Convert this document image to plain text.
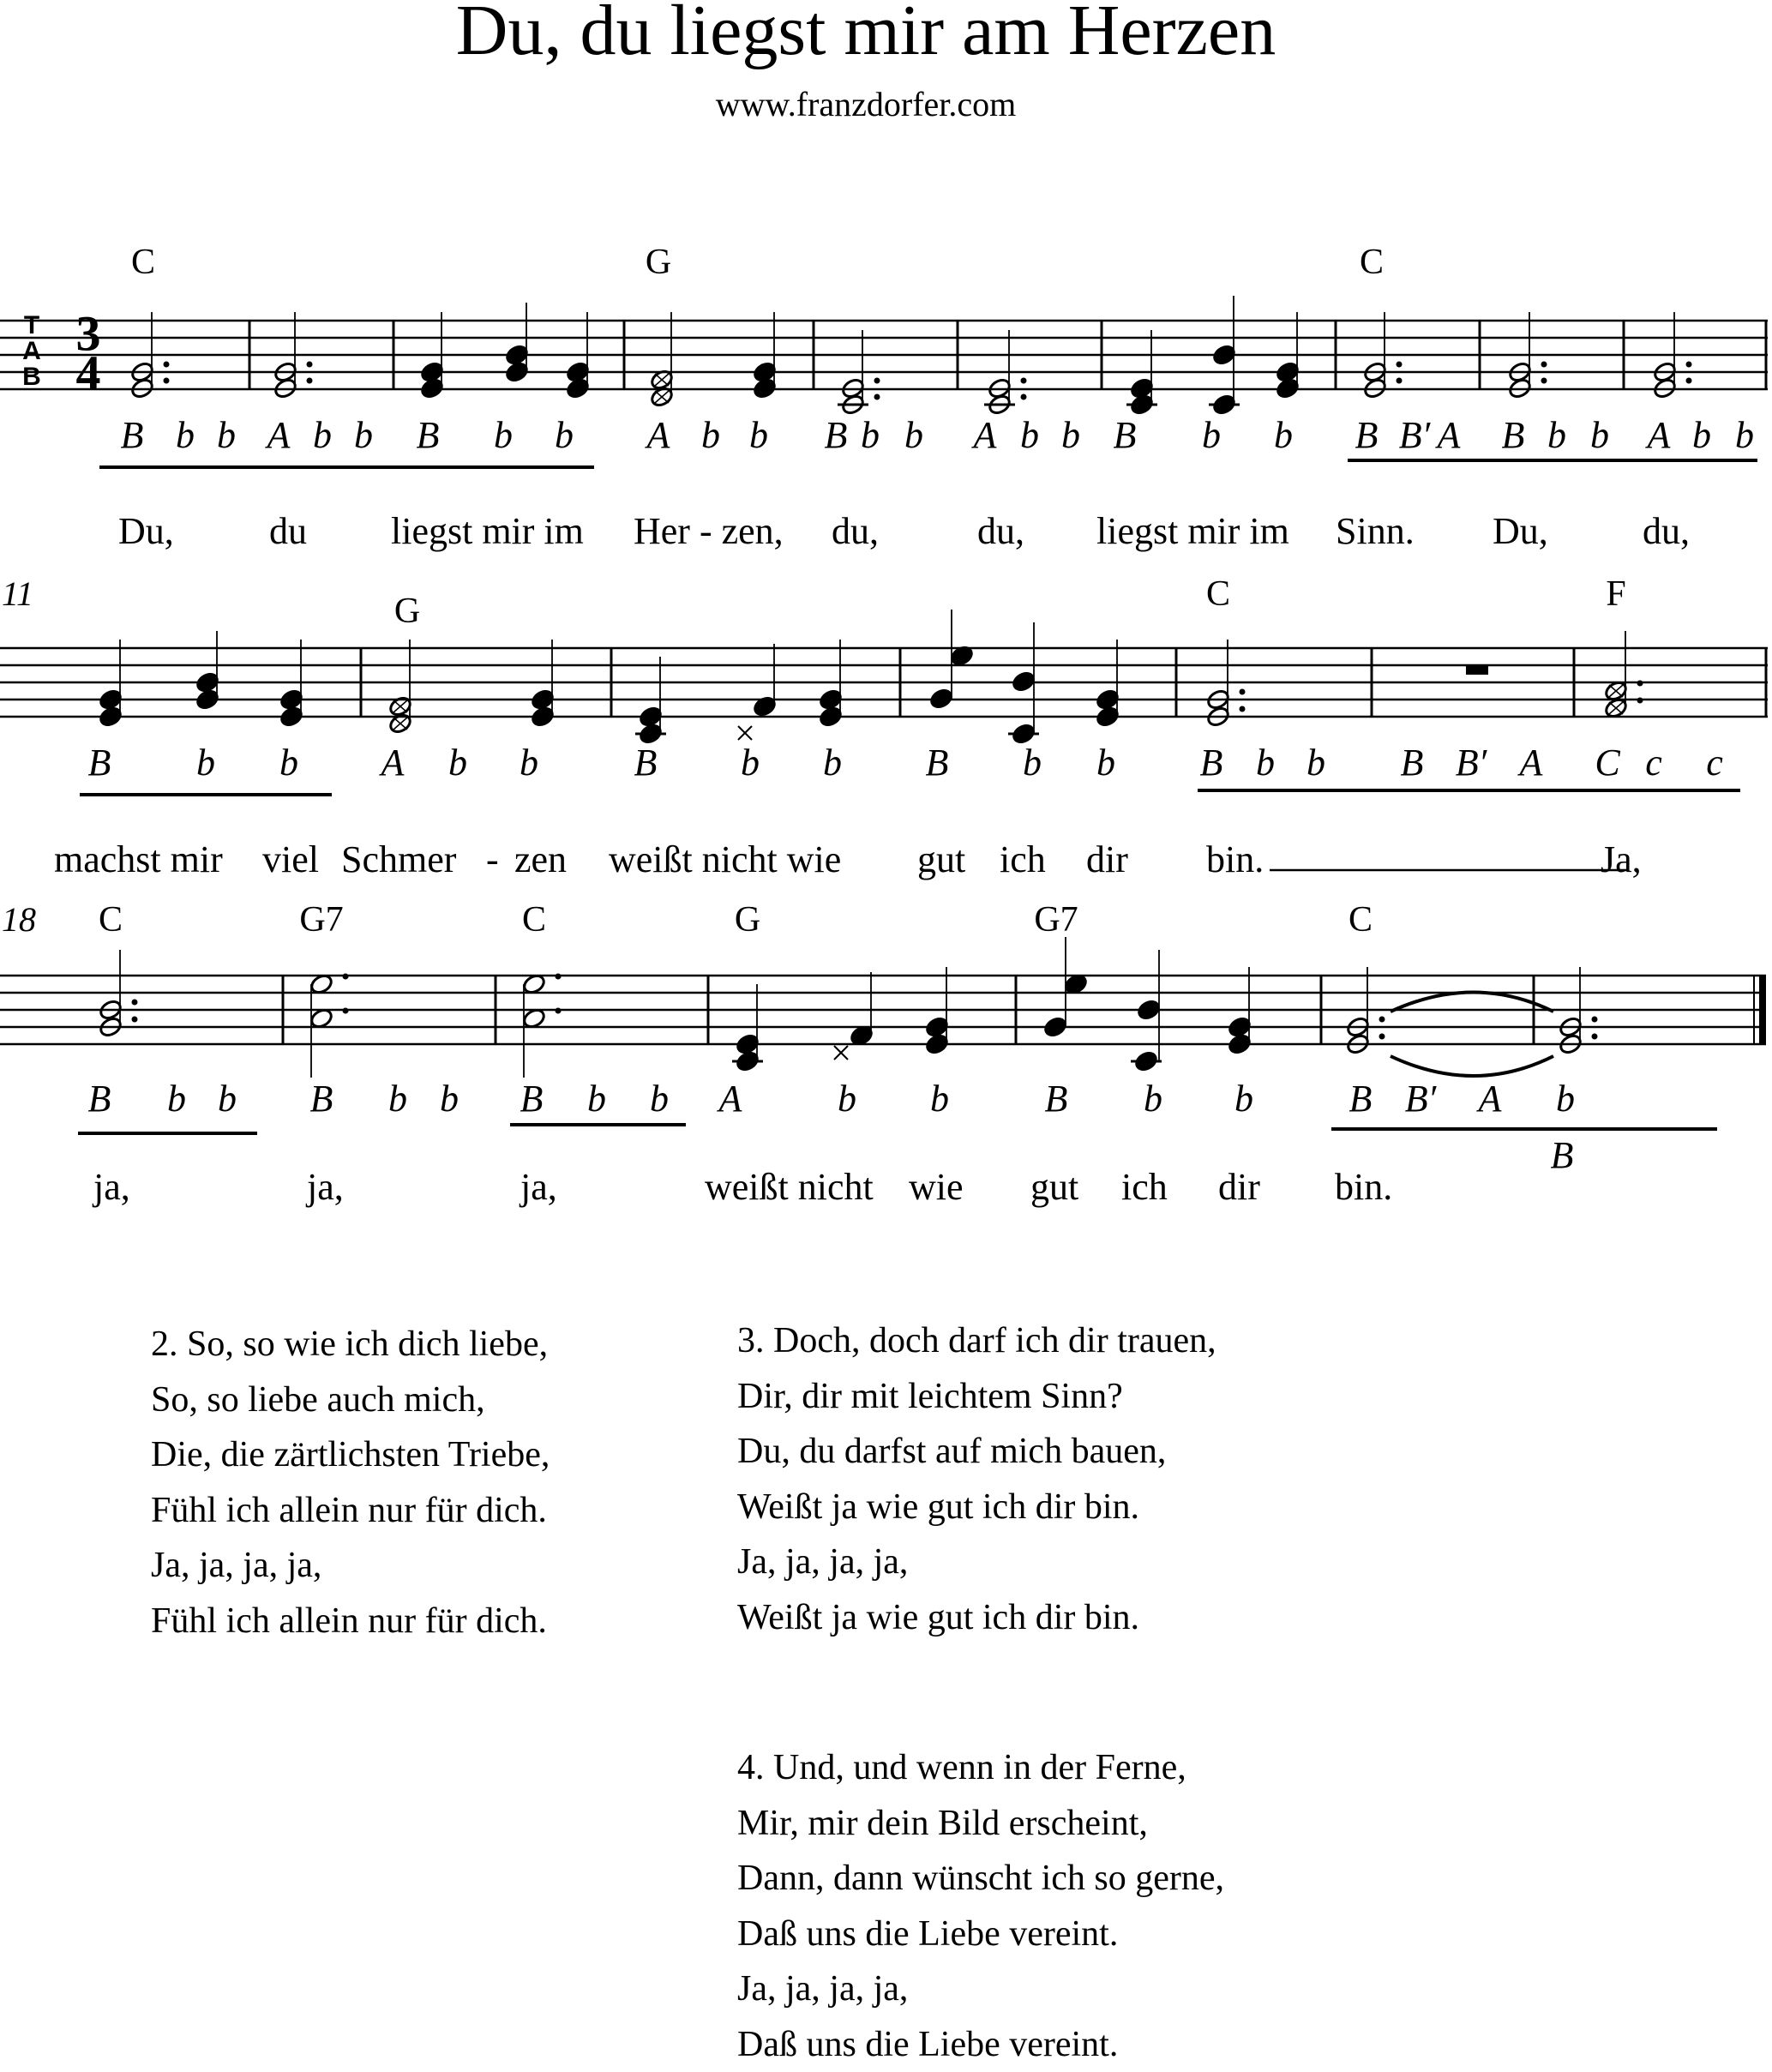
Du, du liegst mir am Herzen
www.franzdorfer.com
T
A
B
3
4
C	G	C
B b b A b b B b b A b b B b b A b b B b b B B′ A B b b A b b
Du,	du liegst mir im Her - zen, du,	du, liegst mir im Sinn. Du,	du,
G	C	F
B b b A b b	B b b B b b B b b B B′ A C c c
machst mir viel Schmer - zen weißt nicht wie gut ich dir bin.	Ja,
11
C	G7	C	G	G7	C
B b b B b b B b b A	b b	B b b	B B′ A b
B
ja,	ja,	ja,	weißt nicht wie gut ich dir bin.
18
2. So, so wie ich dich liebe,
So, so liebe auch mich,
Die, die zärtlichsten Triebe,
Fühl ich allein nur für dich.
Ja, ja, ja, ja,
Fühl ich allein nur für dich.
3. Doch, doch darf ich dir trauen,
Dir, dir mit leichtem Sinn?
Du, du darfst auf mich bauen,
Weißt ja wie gut ich dir bin.
Ja, ja, ja, ja,
Weißt ja wie gut ich dir bin.
4. Und, und wenn in der Ferne,
Mir, mir dein Bild erscheint,
Dann, dann wünscht ich so gerne,
Daß uns die Liebe vereint.
Ja, ja, ja, ja,
Daß uns die Liebe vereint.
